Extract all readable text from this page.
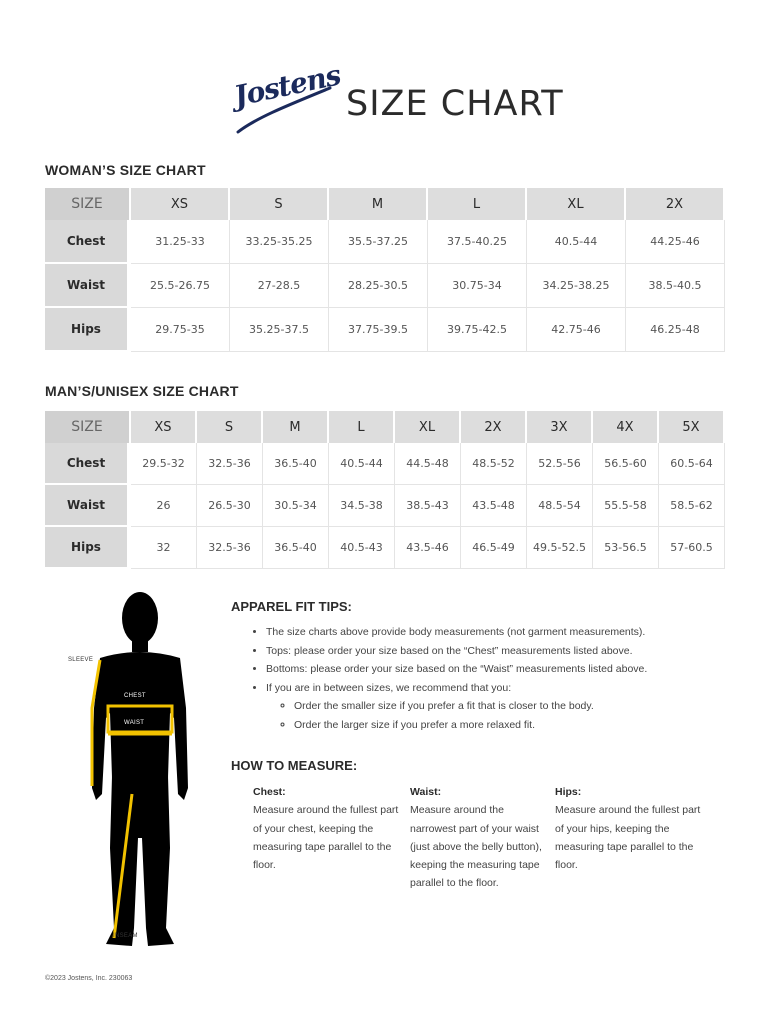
Jostens SIZE CHART
WOMAN’S SIZE CHART
SIZE	XS	S	M	L	XL	2X
Chest	31.25-33	33.25-35.25	35.5-37.25	37.5-40.25	40.5-44	44.25-46
Waist	25.5-26.75	27-28.5	28.25-30.5	30.75-34	34.25-38.25	38.5-40.5
Hips	29.75-35	35.25-37.5	37.75-39.5	39.75-42.5	42.75-46	46.25-48
MAN’S/UNISEX SIZE CHART
SIZE	XS	S	M	L	XL	2X	3X	4X	5X
Chest	29.5-32	32.5-36	36.5-40	40.5-44	44.5-48	48.5-52	52.5-56	56.5-60	60.5-64
Waist	26	26.5-30	30.5-34	34.5-38	38.5-43	43.5-48	48.5-54	55.5-58	58.5-62
Hips	32	32.5-36	36.5-40	40.5-43	43.5-46	46.5-49	49.5-52.5	53-56.5	57-60.5
SLEEVE
CHEST
WAIST
INSEAM
APPAREL FIT TIPS:
• The size charts above provide body measurements (not garment measurements).
• Tops: please order your size based on the “Chest” measurements listed above.
• Bottoms: please order your size based on the “Waist” measurements listed above.
• If you are in between sizes, we recommend that you:
◦ Order the smaller size if you prefer a fit that is closer to the body.
◦ Order the larger size if you prefer a more relaxed fit.
HOW TO MEASURE:
Chest:
Measure around the fullest part of your chest, keeping the measuring tape parallel to the floor.
Waist:
Measure around the narrowest part of your waist (just above the belly button), keeping the measuring tape parallel to the floor.
Hips:
Measure around the fullest part of your hips, keeping the measuring tape parallel to the floor.
©2023 Jostens, Inc. 230063
